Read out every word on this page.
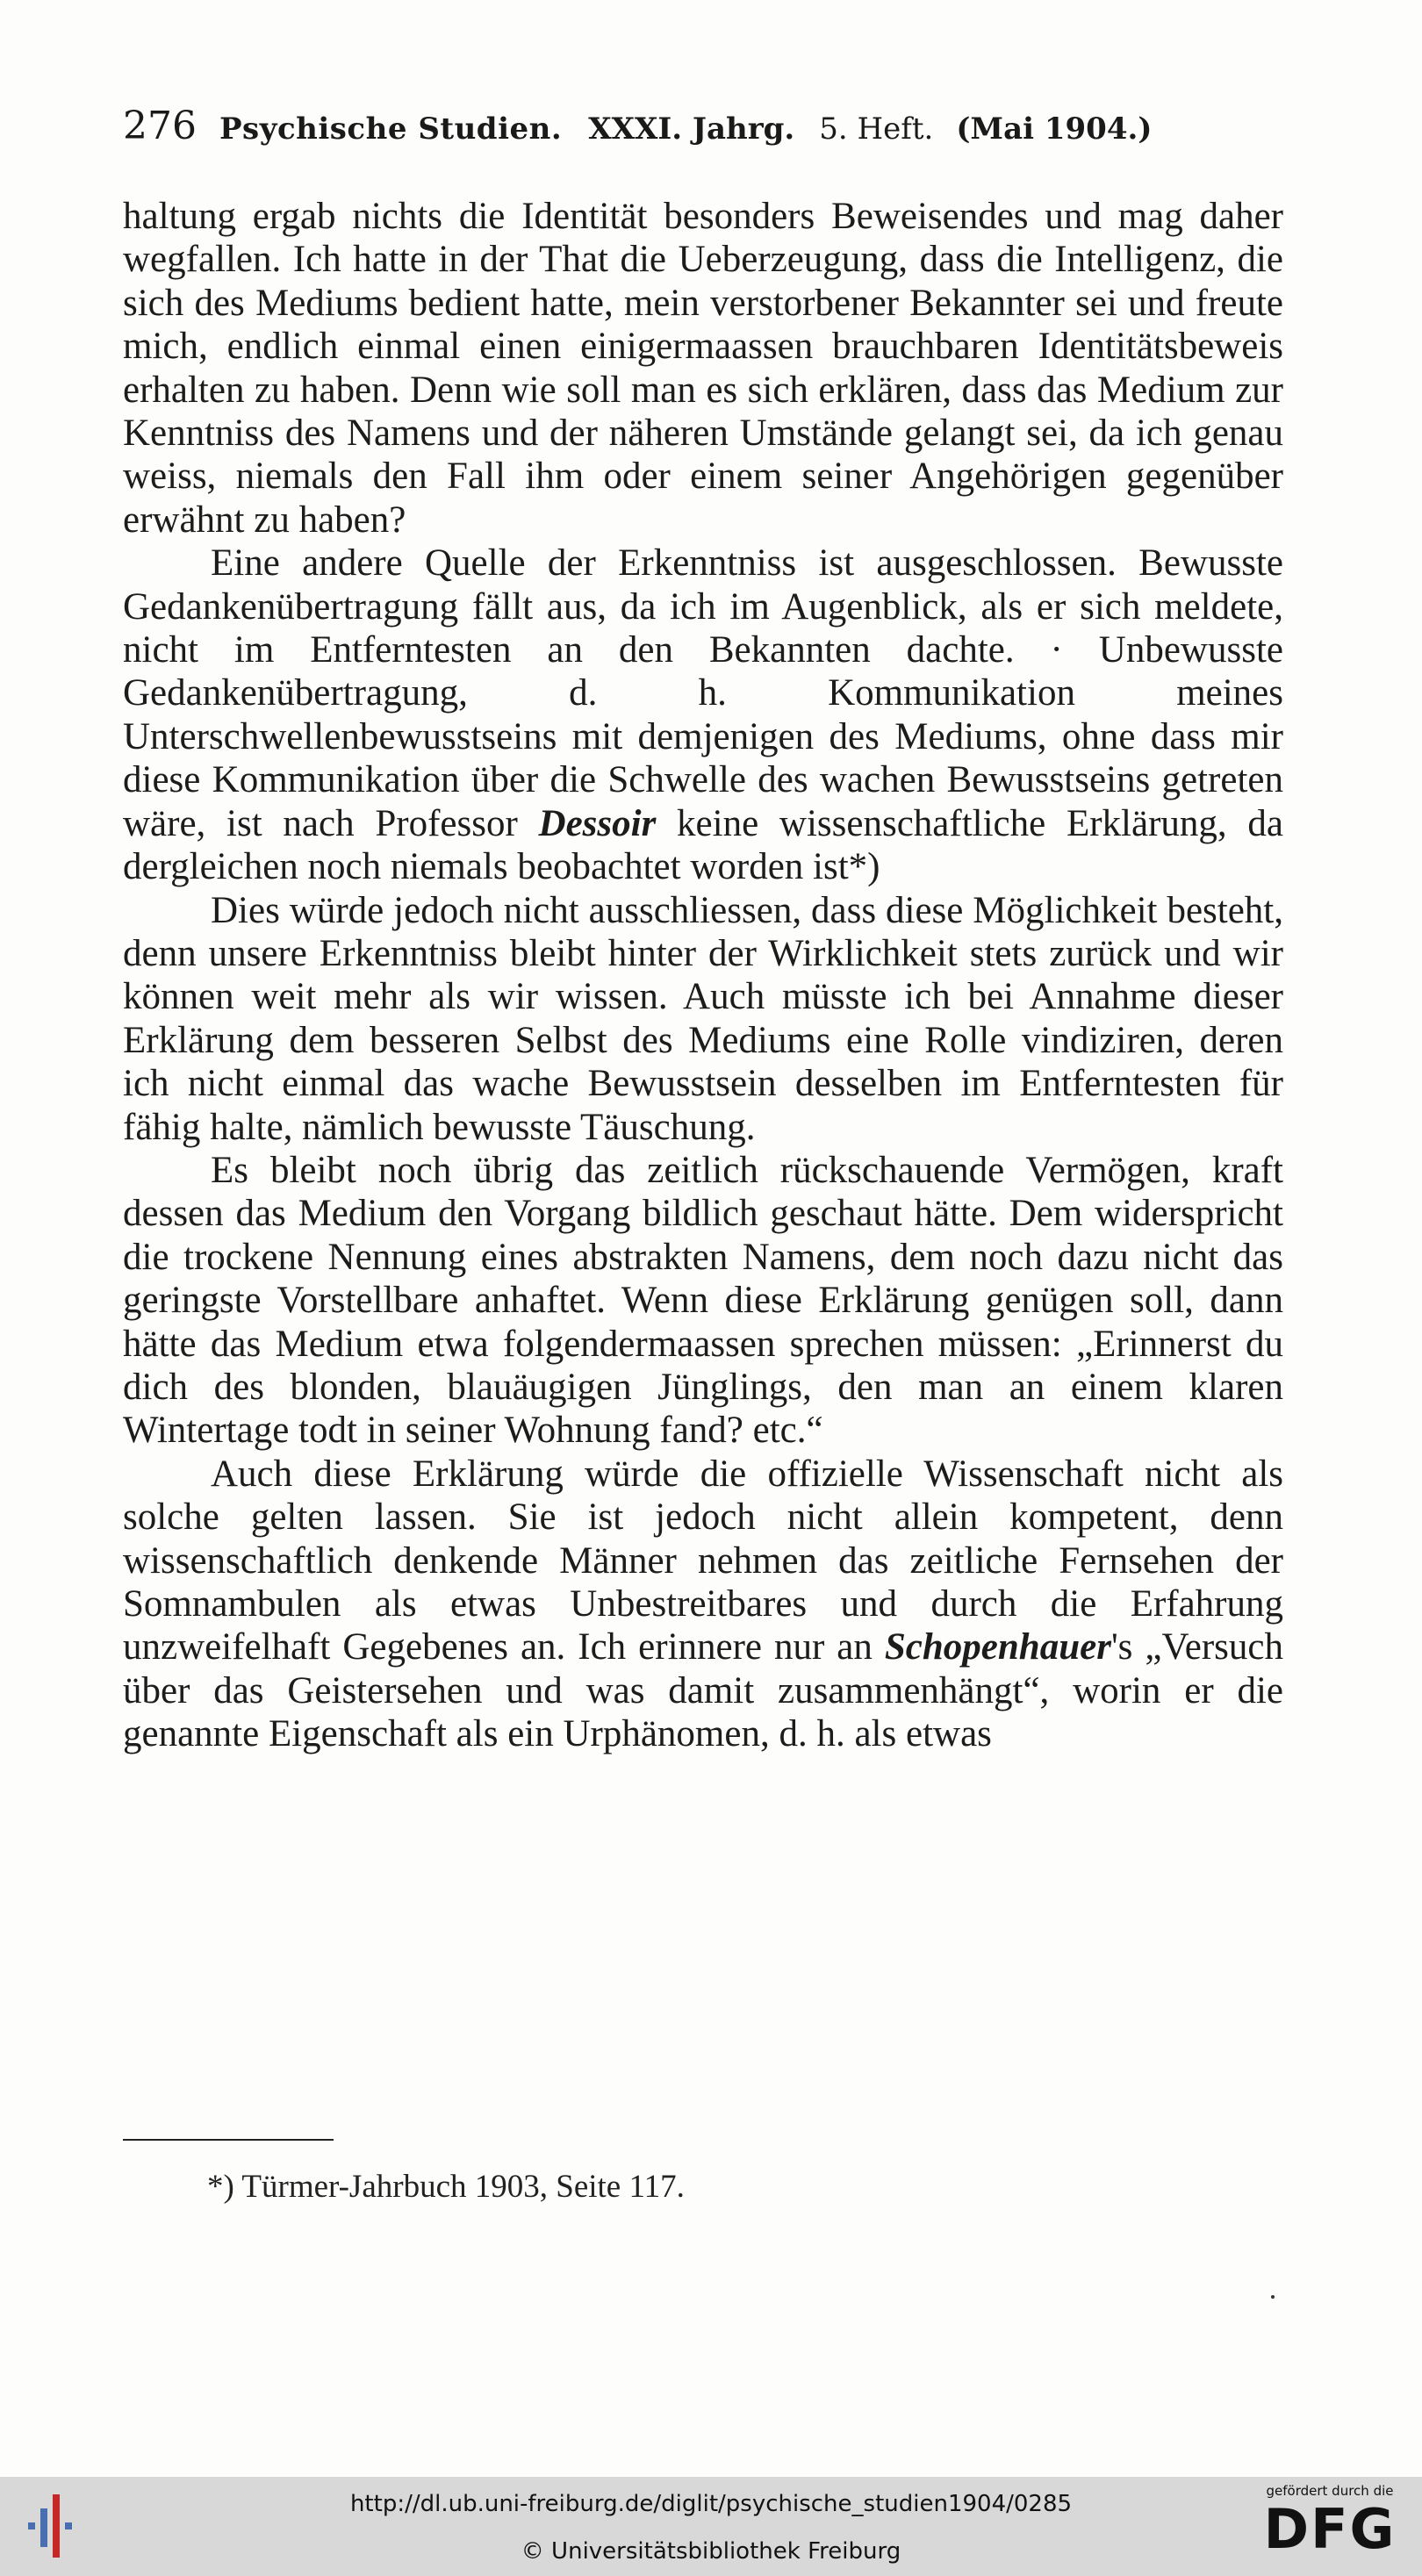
276 Psychische Studien. XXXI. Jahrg. 5. Heft. (Mai 1904.)

haltung ergab nichts die Identität besonders Beweisendes und mag daher wegfallen. Ich hatte in der That die Ueberzeugung, dass die Intelligenz, die sich des Mediums bedient hatte, mein verstorbener Bekannter sei und freute mich, endlich einmal einen einigermaassen brauchbaren Identitätsbeweis erhalten zu haben. Denn wie soll man es sich erklären, dass das Medium zur Kenntniss des Namens und der näheren Umstände gelangt sei, da ich genau weiss, niemals den Fall ihm oder einem seiner Angehörigen gegenüber erwähnt zu haben?

Eine andere Quelle der Erkenntniss ist ausgeschlossen. Bewusste Gedankenübertragung fällt aus, da ich im Augenblick, als er sich meldete, nicht im Entferntesten an den Bekannten dachte. · Unbewusste Gedankenübertragung, d. h. Kommunikation meines Unterschwellenbewusstseins mit demjenigen des Mediums, ohne dass mir diese Kommunikation über die Schwelle des wachen Bewusstseins getreten wäre, ist nach Professor Dessoir keine wissenschaftliche Erklärung, da dergleichen noch niemals beobachtet worden ist*)

Dies würde jedoch nicht ausschliessen, dass diese Möglichkeit besteht, denn unsere Erkenntniss bleibt hinter der Wirklichkeit stets zurück und wir können weit mehr als wir wissen. Auch müsste ich bei Annahme dieser Erklärung dem besseren Selbst des Mediums eine Rolle vindiziren, deren ich nicht einmal das wache Bewusstsein desselben im Entferntesten für fähig halte, nämlich bewusste Täuschung.

Es bleibt noch übrig das zeitlich rückschauende Vermögen, kraft dessen das Medium den Vorgang bildlich geschaut hätte. Dem widerspricht die trockene Nennung eines abstrakten Namens, dem noch dazu nicht das geringste Vorstellbare anhaftet. Wenn diese Erklärung genügen soll, dann hätte das Medium etwa folgendermaassen sprechen müssen: „Erinnerst du dich des blonden, blauäugigen Jünglings, den man an einem klaren Wintertage todt in seiner Wohnung fand? etc.“

Auch diese Erklärung würde die offizielle Wissenschaft nicht als solche gelten lassen. Sie ist jedoch nicht allein kompetent, denn wissenschaftlich denkende Männer nehmen das zeitliche Fernsehen der Somnambulen als etwas Unbestreitbares und durch die Erfahrung unzweifelhaft Gegebenes an. Ich erinnere nur an Schopenhauer's „Versuch über das Geistersehen und was damit zusammenhängt“, worin er die genannte Eigenschaft als ein Urphänomen, d. h. als etwas

*) Türmer-Jahrbuch 1903, Seite 117.
http://dl.ub.uni-freiburg.de/diglit/psychische_studien1904/0285
© Universitätsbibliothek Freiburg
gefördert durch die
DFG
